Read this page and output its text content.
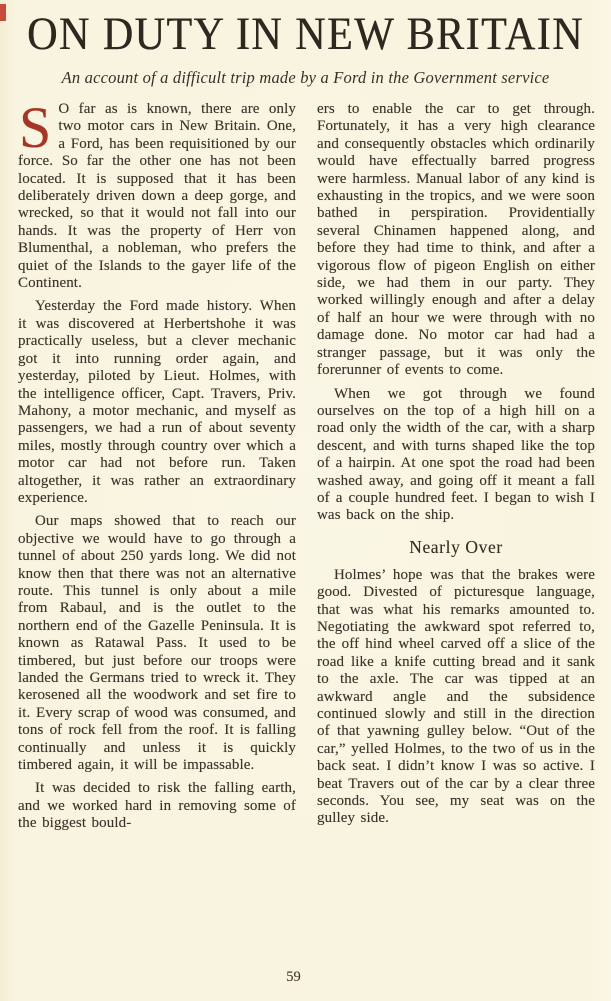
ON DUTY IN NEW BRITAIN
An account of a difficult trip made by a Ford in the Government service

S O far as is known, there are only two motor cars in New Britain. One, a Ford, has been requisitioned by our force. So far the other one has not been located. It is supposed that it has been deliberately driven down a deep gorge, and wrecked, so that it would not fall into our hands. It was the property of Herr von Blumenthal, a nobleman, who prefers the quiet of the Islands to the gayer life of the Continent.

Yesterday the Ford made history. When it was discovered at Herbertshohe it was practically useless, but a clever mechanic got it into running order again, and yesterday, piloted by Lieut. Holmes, with the intelligence officer, Capt. Travers, Priv. Mahony, a motor mechanic, and myself as passengers, we had a run of about seventy miles, mostly through country over which a motor car had not before run. Taken altogether, it was rather an extraordinary experience.

Our maps showed that to reach our objective we would have to go through a tunnel of about 250 yards long. We did not know then that there was not an alternative route. This tunnel is only about a mile from Rabaul, and is the outlet to the northern end of the Gazelle Peninsula. It is known as Ratawal Pass. It used to be timbered, but just before our troops were landed the Germans tried to wreck it. They kerosened all the woodwork and set fire to it. Every scrap of wood was consumed, and tons of rock fell from the roof. It is falling continually and unless it is quickly timbered again, it will be impassable.

It was decided to risk the falling earth, and we worked hard in removing some of the biggest bould-

ers to enable the car to get through. Fortunately, it has a very high clearance and consequently obstacles which ordinarily would have effectually barred progress were harmless. Manual labor of any kind is exhausting in the tropics, and we were soon bathed in perspiration. Providentially several Chinamen happened along, and before they had time to think, and after a vigorous flow of pigeon English on either side, we had them in our party. They worked willingly enough and after a delay of half an hour we were through with no damage done. No motor car had had a stranger passage, but it was only the forerunner of events to come.

When we got through we found ourselves on the top of a high hill on a road only the width of the car, with a sharp descent, and with turns shaped like the top of a hairpin. At one spot the road had been washed away, and going off it meant a fall of a couple hundred feet. I began to wish I was back on the ship.

Nearly Over

Holmes’ hope was that the brakes were good. Divested of picturesque language, that was what his remarks amounted to. Negotiating the awkward spot referred to, the off hind wheel carved off a slice of the road like a knife cutting bread and it sank to the axle. The car was tipped at an awkward angle and the subsidence continued slowly and still in the direction of that yawning gulley below. “Out of the car,” yelled Holmes, to the two of us in the back seat. I didn’t know I was so active. I beat Travers out of the car by a clear three seconds. You see, my seat was on the gulley side.

59
